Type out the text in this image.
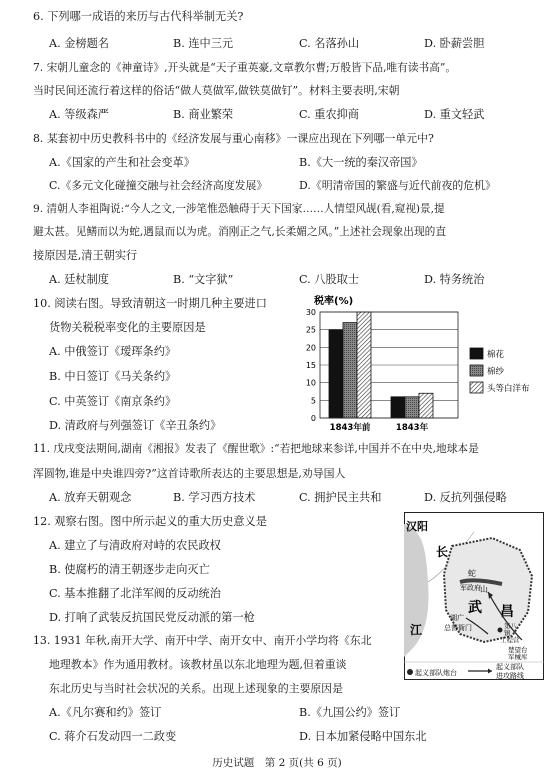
6. 下列哪一成语的来历与古代科举制无关?
A. 金榜题名	B. 连中三元	C. 名落孙山	D. 卧薪尝胆
7. 宋朝儿童念的《神童诗》,开头就是“天子重英豪,文章教尔曹;万般皆下品,唯有读书高”。
当时民间还流行着这样的俗话“做人莫做军,做铁莫做钉”。材料主要表明,宋朝
A. 等级森严	B. 商业繁荣	C. 重农抑商	D. 重文轻武
8. 某套初中历史教科书中的《经济发展与重心南移》一课应出现在下列哪一单元中?
A.《国家的产生和社会变革》	B.《大一统的秦汉帝国》
C.《多元文化碰撞交融与社会经济高度发展》	D.《明清帝国的繁盛与近代前夜的危机》
9. 清朝人李祖陶说:“今人之文,一涉笔惟恐触碍于天下国家……人情望风觇(看,窥视)景,提
避太甚。见鳝而以为蛇,遇鼠而以为虎。消刚正之气,长柔媚之风。”上述社会现象出现的直
接原因是,清王朝实行
A. 廷杖制度	B. “文字狱”	C. 八股取士	D. 特务统治
10. 阅读右图。导致清朝这一时期几种主要进口
货物关税税率变化的主要原因是
A. 中俄签订《瑷珲条约》
B. 中日签订《马关条约》
C. 中英签订《南京条约》
D. 清政府与列强签订《辛丑条约》
税率(%)
0
5
10
15
20
25
30
1843年前	1843年
棉花
棉纱
头等白洋布
11. 戊戌变法期间,湖南《湘报》发表了《醒世歌》:“若把地球来参详,中国并不在中央,地球本是
浑圆物,谁是中央谁四旁?”这首诗歌所表达的主要思想是,劝导国人
A. 放弃天朝观念	B. 学习西方技术	C. 拥护民主共和	D. 反抗列强侵略
12. 观察右图。图中所示起义的重大历史意义是
A. 建立了与清政府对峙的农民政权
B. 使腐朽的清王朝逐步走向灭亡
C. 基本推翻了北洋军阀的反动统治
D. 打响了武装反抗国民党反动派的第一枪
汉阳
长
江
蛇
山
军政府
武 昌
湖广
总督衙门	第八
镇
工程营
楚望台
军械库
起义部队炮台
起义部队
进攻路线
13. 1931 年秋,南开大学、南开中学、南开女中、南开小学均将《东北
地理教本》作为通用教材。该教材虽以东北地理为题,但着重谈
东北历史与当时社会状况的关系。出现上述现象的主要原因是
A.《凡尔赛和约》签订	B.《九国公约》签订
C. 蒋介石发动四一二政变	D. 日本加紧侵略中国东北
历史试题　第 2 页(共 6 页)
